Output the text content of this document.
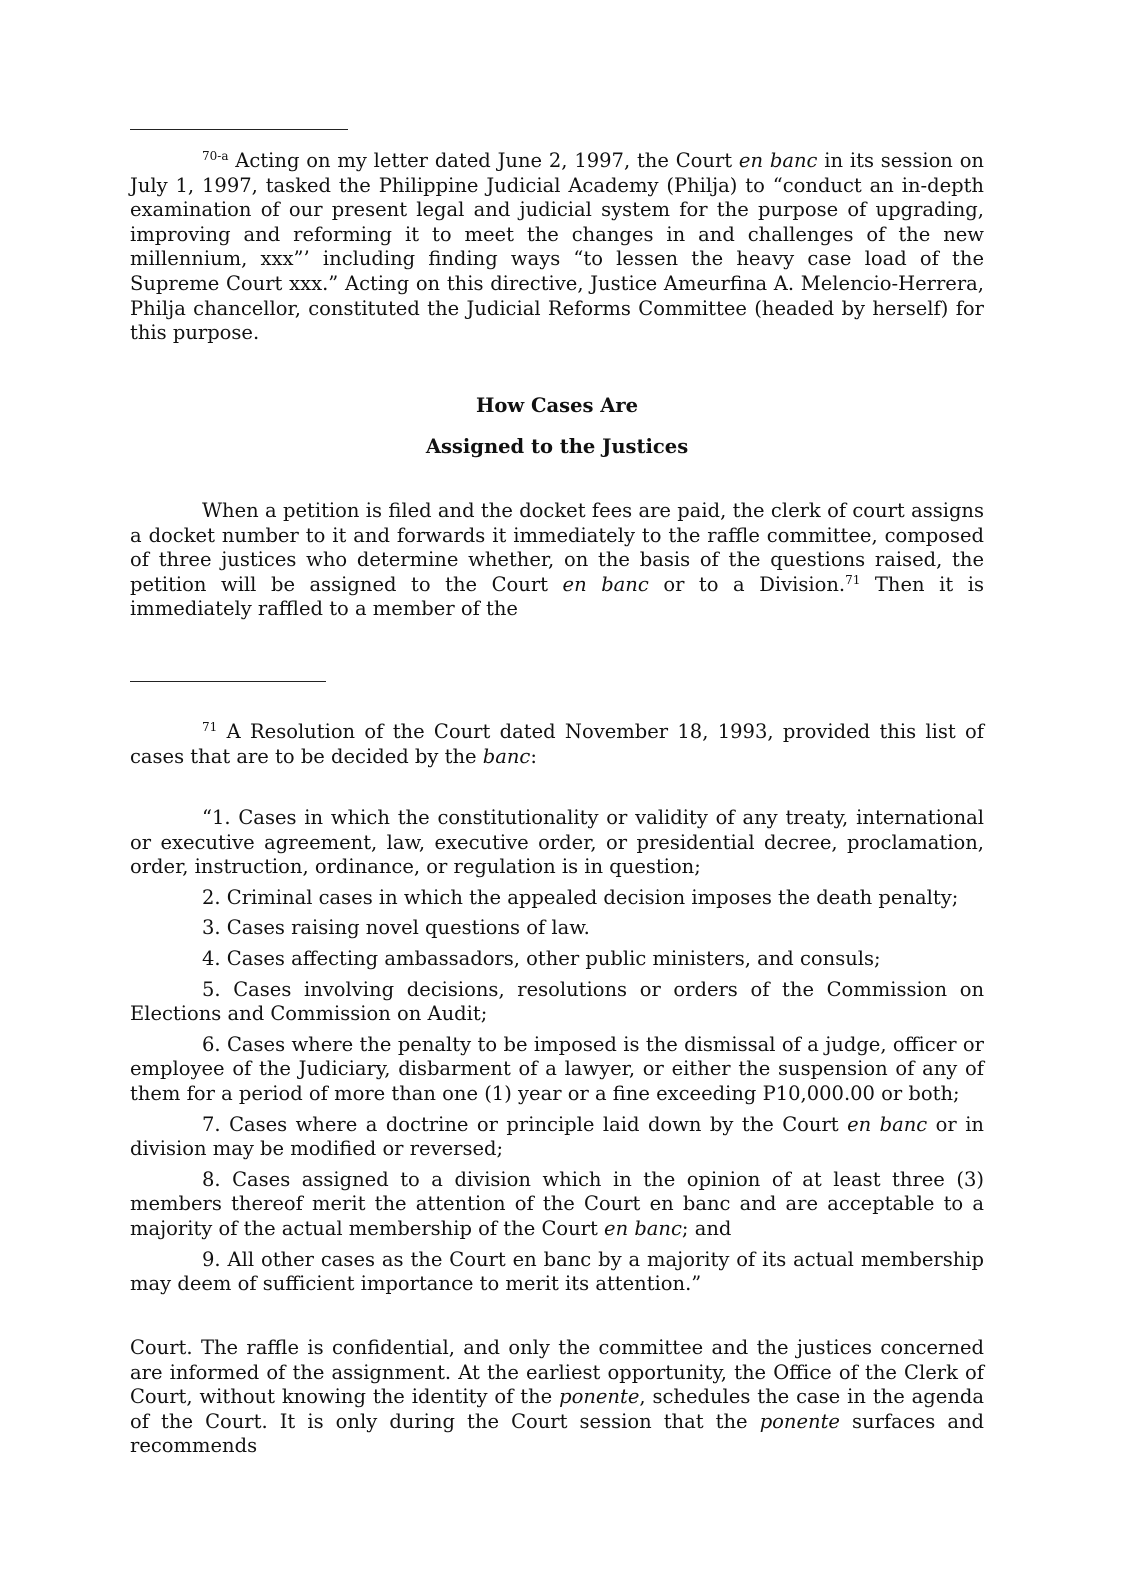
$^{70-a}$ Acting on my letter dated June 2, 1997, the Court en banc in its session on July 1, 1997, tasked the Philippine Judicial Academy (Philja) to “conduct an in-depth examination of our present legal and judicial system for the purpose of upgrading, improving and reforming it to meet the changes in and challenges of the new millennium, xxx”’ including finding ways “to lessen the heavy case load of the Supreme Court xxx.” Acting on this directive, Justice Ameurfina A. Melencio-Herrera, Philja chancellor, constituted the Judicial Reforms Committee (headed by herself) for this purpose.

How Cases Are
Assigned to the Justices

When a petition is filed and the docket fees are paid, the clerk of court assigns a docket number to it and forwards it immediately to the raffle committee, composed of three justices who determine whether, on the basis of the questions raised, the petition will be assigned to the Court en banc or to a Division.$^{71}$ Then it is immediately raffled to a member of the

$^{71}$ A Resolution of the Court dated November 18, 1993, provided this list of cases that are to be decided by the banc:

“1. Cases in which the constitutionality or validity of any treaty, international or executive agreement, law, executive order, or presidential decree, proclamation, order, instruction, ordinance, or regulation is in question;

2. Criminal cases in which the appealed decision imposes the death penalty;

3. Cases raising novel questions of law.

4. Cases affecting ambassadors, other public ministers, and consuls;

5. Cases involving decisions, resolutions or orders of the Commission on Elections and Commission on Audit;

6. Cases where the penalty to be imposed is the dismissal of a judge, officer or employee of the Judiciary, disbarment of a lawyer, or either the suspension of any of them for a period of more than one (1) year or a fine exceeding P10,000.00 or both;

7. Cases where a doctrine or principle laid down by the Court en banc or in division may be modified or reversed;

8. Cases assigned to a division which in the opinion of at least three (3) members thereof merit the attention of the Court en banc and are acceptable to a majority of the actual membership of the Court en banc; and

9. All other cases as the Court en banc by a majority of its actual membership may deem of sufficient importance to merit its attention.”

Court. The raffle is confidential, and only the committee and the justices concerned are informed of the assignment. At the earliest opportunity, the Office of the Clerk of Court, without knowing the identity of the ponente, schedules the case in the agenda of the Court. It is only during the Court session that the ponente surfaces and recommends
